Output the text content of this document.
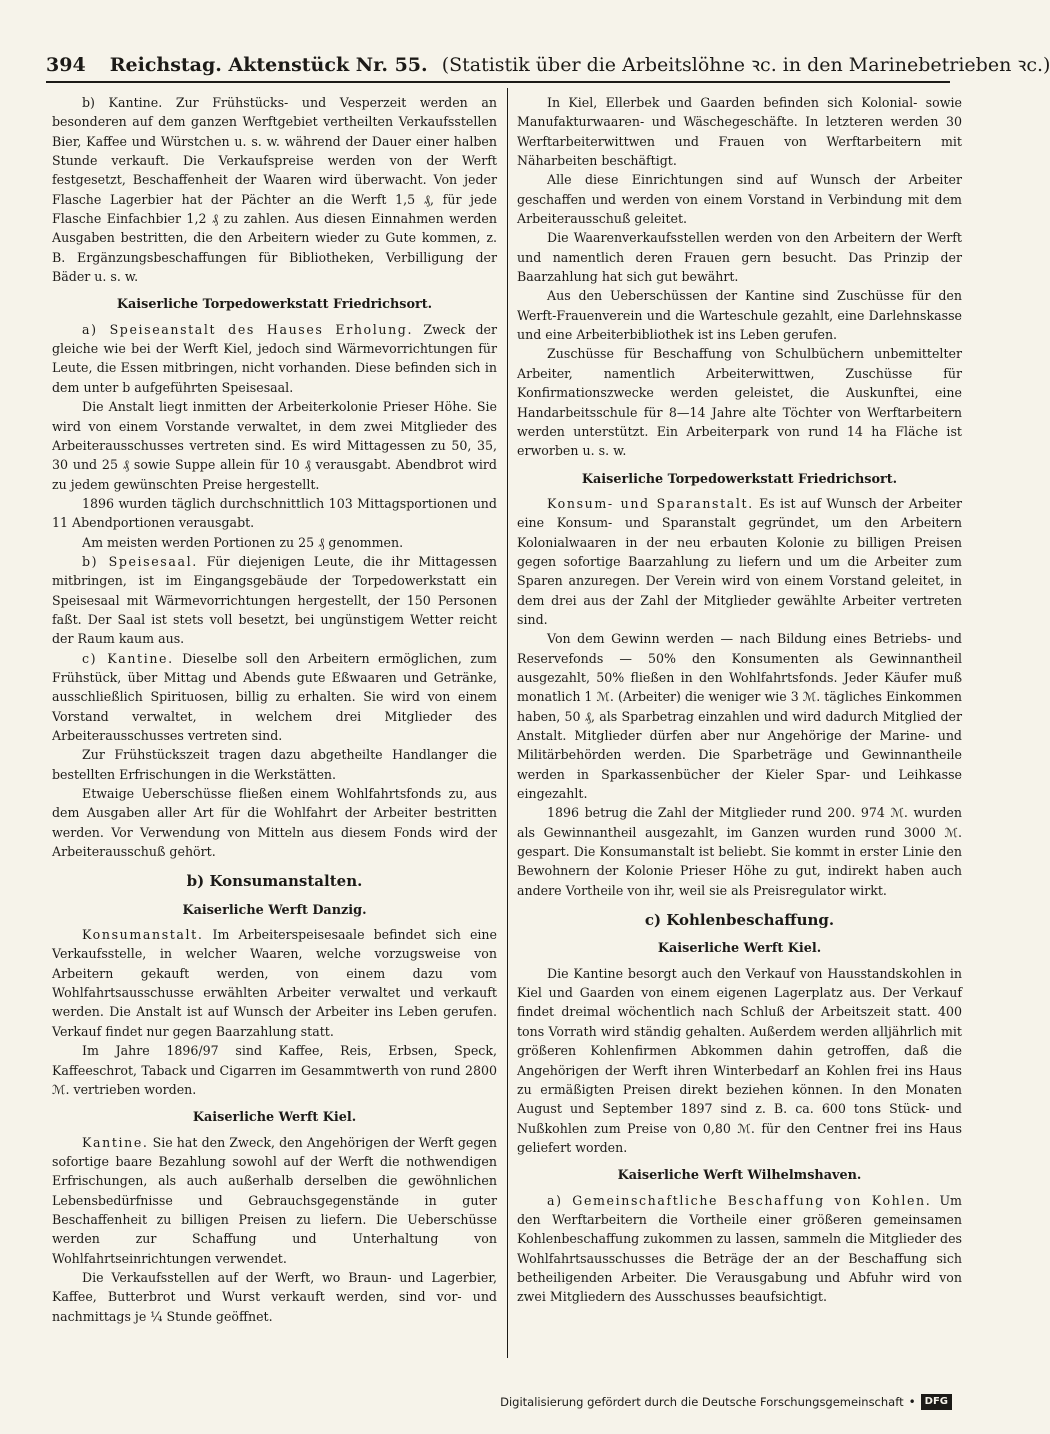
394 Reichstag. Aktenstück Nr. 55. (Statistik über die Arbeitslöhne ꝛc. in den Marinebetrieben ꝛc.)

b) Kantine. Zur Frühstücks- und Vesperzeit werden an besonderen auf dem ganzen Werftgebiet vertheilten Verkaufsstellen Bier, Kaffee und Würstchen u. s. w. während der Dauer einer halben Stunde verkauft. Die Verkaufspreise werden von der Werft festgesetzt, Beschaffenheit der Waaren wird überwacht. Von jeder Flasche Lagerbier hat der Pächter an die Werft 1,5 ₰, für jede Flasche Einfachbier 1,2 ₰ zu zahlen. Aus diesen Einnahmen werden Ausgaben bestritten, die den Arbeitern wieder zu Gute kommen, z. B. Ergänzungsbeschaffungen für Bibliotheken, Verbilligung der Bäder u. s. w.

Kaiserliche Torpedowerkstatt Friedrichsort.

a) Speiseanstalt des Hauses Erholung. Zweck der gleiche wie bei der Werft Kiel, jedoch sind Wärmevorrichtungen für Leute, die Essen mitbringen, nicht vorhanden. Diese befinden sich in dem unter b aufgeführten Speisesaal.

Die Anstalt liegt inmitten der Arbeiterkolonie Prieser Höhe. Sie wird von einem Vorstande verwaltet, in dem zwei Mitglieder des Arbeiterausschusses vertreten sind. Es wird Mittagessen zu 50, 35, 30 und 25 ₰ sowie Suppe allein für 10 ₰ verausgabt. Abendbrot wird zu jedem gewünschten Preise hergestellt.

1896 wurden täglich durchschnittlich 103 Mittagsportionen und 11 Abendportionen verausgabt.

Am meisten werden Portionen zu 25 ₰ genommen.

b) Speisesaal. Für diejenigen Leute, die ihr Mittagessen mitbringen, ist im Eingangsgebäude der Torpedowerkstatt ein Speisesaal mit Wärmevorrichtungen hergestellt, der 150 Personen faßt. Der Saal ist stets voll besetzt, bei ungünstigem Wetter reicht der Raum kaum aus.

c) Kantine. Dieselbe soll den Arbeitern ermöglichen, zum Frühstück, über Mittag und Abends gute Eßwaaren und Getränke, ausschließlich Spirituosen, billig zu erhalten. Sie wird von einem Vorstand verwaltet, in welchem drei Mitglieder des Arbeiterausschusses vertreten sind.

Zur Frühstückszeit tragen dazu abgetheilte Handlanger die bestellten Erfrischungen in die Werkstätten.

Etwaige Ueberschüsse fließen einem Wohlfahrtsfonds zu, aus dem Ausgaben aller Art für die Wohlfahrt der Arbeiter bestritten werden. Vor Verwendung von Mitteln aus diesem Fonds wird der Arbeiterausschuß gehört.

b) Konsumanstalten.
Kaiserliche Werft Danzig.

Konsumanstalt. Im Arbeiterspeisesaale befindet sich eine Verkaufsstelle, in welcher Waaren, welche vorzugsweise von Arbeitern gekauft werden, von einem dazu vom Wohlfahrtsausschusse erwählten Arbeiter verwaltet und verkauft werden. Die Anstalt ist auf Wunsch der Arbeiter ins Leben gerufen. Verkauf findet nur gegen Baarzahlung statt.

Im Jahre 1896/97 sind Kaffee, Reis, Erbsen, Speck, Kaffeeschrot, Taback und Cigarren im Gesammtwerth von rund 2800 ℳ. vertrieben worden.

Kaiserliche Werft Kiel.

Kantine. Sie hat den Zweck, den Angehörigen der Werft gegen sofortige baare Bezahlung sowohl auf der Werft die nothwendigen Erfrischungen, als auch außerhalb derselben die gewöhnlichen Lebensbedürfnisse und Gebrauchsgegenstände in guter Beschaffenheit zu billigen Preisen zu liefern. Die Ueberschüsse werden zur Schaffung und Unterhaltung von Wohlfahrtseinrichtungen verwendet.

Die Verkaufsstellen auf der Werft, wo Braun- und Lagerbier, Kaffee, Butterbrot und Wurst verkauft werden, sind vor- und nachmittags je ¼ Stunde geöffnet.

In Kiel, Ellerbek und Gaarden befinden sich Kolonial- sowie Manufakturwaaren- und Wäschegeschäfte. In letzteren werden 30 Werftarbeiterwittwen und Frauen von Werftarbeitern mit Näharbeiten beschäftigt.

Alle diese Einrichtungen sind auf Wunsch der Arbeiter geschaffen und werden von einem Vorstand in Verbindung mit dem Arbeiterausschuß geleitet.

Die Waarenverkaufsstellen werden von den Arbeitern der Werft und namentlich deren Frauen gern besucht. Das Prinzip der Baarzahlung hat sich gut bewährt.

Aus den Ueberschüssen der Kantine sind Zuschüsse für den Werft-Frauenverein und die Warteschule gezahlt, eine Darlehnskasse und eine Arbeiterbibliothek ist ins Leben gerufen.

Zuschüsse für Beschaffung von Schulbüchern unbemittelter Arbeiter, namentlich Arbeiterwittwen, Zuschüsse für Konfirmationszwecke werden geleistet, die Auskunftei, eine Handarbeitsschule für 8—14 Jahre alte Töchter von Werftarbeitern werden unterstützt. Ein Arbeiterpark von rund 14 ha Fläche ist erworben u. s. w.

Kaiserliche Torpedowerkstatt Friedrichsort.

Konsum- und Sparanstalt. Es ist auf Wunsch der Arbeiter eine Konsum- und Sparanstalt gegründet, um den Arbeitern Kolonialwaaren in der neu erbauten Kolonie zu billigen Preisen gegen sofortige Baarzahlung zu liefern und um die Arbeiter zum Sparen anzuregen. Der Verein wird von einem Vorstand geleitet, in dem drei aus der Zahl der Mitglieder gewählte Arbeiter vertreten sind.

Von dem Gewinn werden — nach Bildung eines Betriebs- und Reservefonds — 50% den Konsumenten als Gewinnantheil ausgezahlt, 50% fließen in den Wohlfahrtsfonds. Jeder Käufer muß monatlich 1 ℳ. (Arbeiter) die weniger wie 3 ℳ. tägliches Einkommen haben, 50 ₰, als Sparbetrag einzahlen und wird dadurch Mitglied der Anstalt. Mitglieder dürfen aber nur Angehörige der Marine- und Militärbehörden werden. Die Sparbeträge und Gewinnantheile werden in Sparkassenbücher der Kieler Spar- und Leihkasse eingezahlt.

1896 betrug die Zahl der Mitglieder rund 200. 974 ℳ. wurden als Gewinnantheil ausgezahlt, im Ganzen wurden rund 3000 ℳ. gespart. Die Konsumanstalt ist beliebt. Sie kommt in erster Linie den Bewohnern der Kolonie Prieser Höhe zu gut, indirekt haben auch andere Vortheile von ihr, weil sie als Preisregulator wirkt.

c) Kohlenbeschaffung.
Kaiserliche Werft Kiel.

Die Kantine besorgt auch den Verkauf von Hausstandskohlen in Kiel und Gaarden von einem eigenen Lagerplatz aus. Der Verkauf findet dreimal wöchentlich nach Schluß der Arbeitszeit statt. 400 tons Vorrath wird ständig gehalten. Außerdem werden alljährlich mit größeren Kohlenfirmen Abkommen dahin getroffen, daß die Angehörigen der Werft ihren Winterbedarf an Kohlen frei ins Haus zu ermäßigten Preisen direkt beziehen können. In den Monaten August und September 1897 sind z. B. ca. 600 tons Stück- und Nußkohlen zum Preise von 0,80 ℳ. für den Centner frei ins Haus geliefert worden.

Kaiserliche Werft Wilhelmshaven.

a) Gemeinschaftliche Beschaffung von Kohlen. Um den Werftarbeitern die Vortheile einer größeren gemeinsamen Kohlenbeschaffung zukommen zu lassen, sammeln die Mitglieder des Wohlfahrtsausschusses die Beträge der an der Beschaffung sich betheiligenden Arbeiter. Die Verausgabung und Abfuhr wird von zwei Mitgliedern des Ausschusses beaufsichtigt.

Digitalisierung gefördert durch die Deutsche Forschungsgemeinschaft • DFG
